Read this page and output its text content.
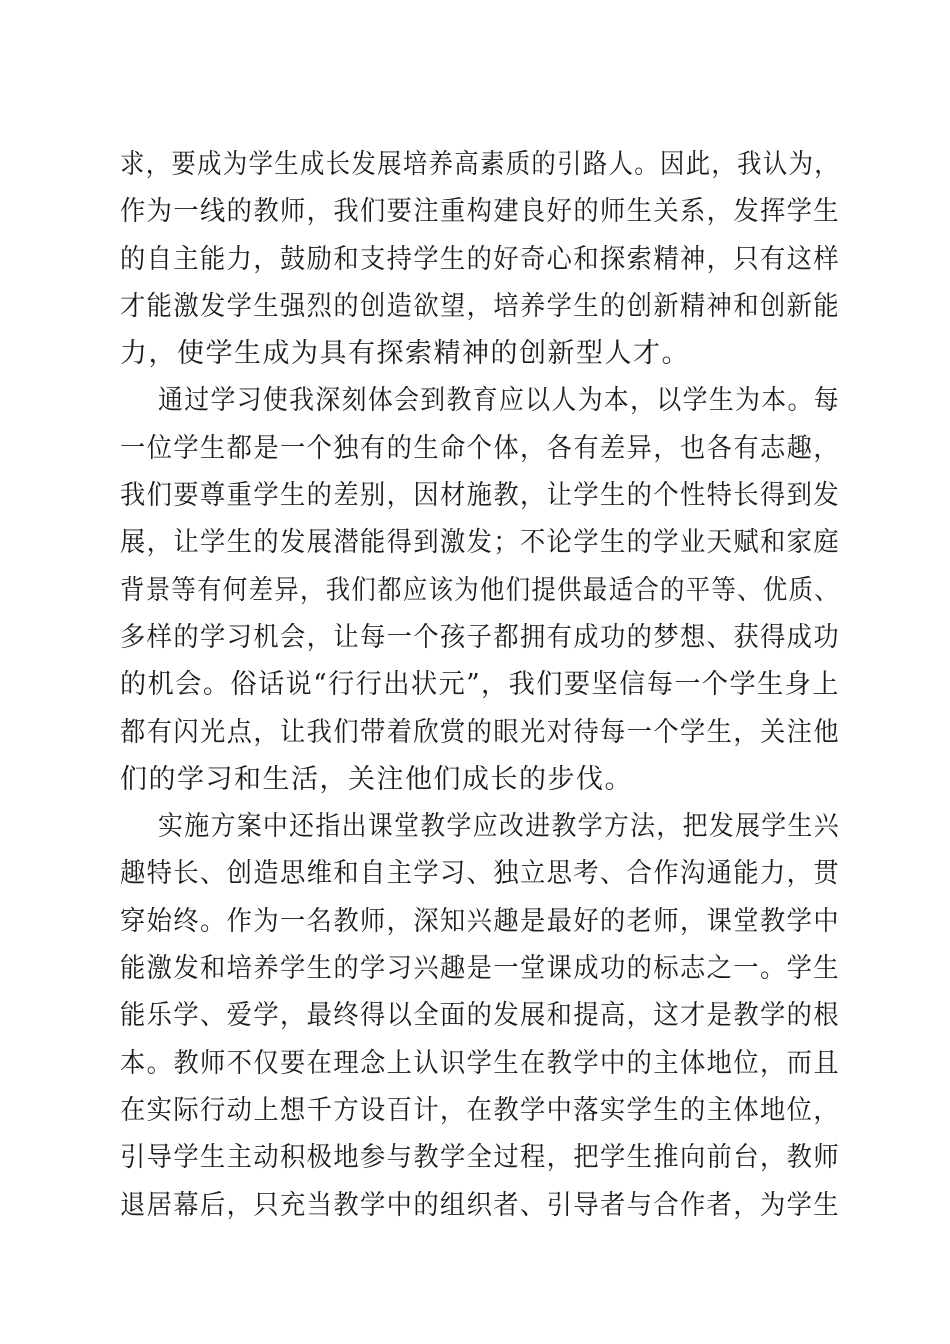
求，要成为学生成长发展培养高素质的引路人。因此，我认为，
作为一线的教师，我们要注重构建良好的师生关系，发挥学生
的自主能力，鼓励和支持学生的好奇心和探索精神，只有这样
才能激发学生强烈的创造欲望，培养学生的创新精神和创新能
力，使学生成为具有探索精神的创新型人才。
通过学习使我深刻体会到教育应以人为本，以学生为本。每
一位学生都是一个独有的生命个体，各有差异，也各有志趣，
我们要尊重学生的差别，因材施教，让学生的个性特长得到发
展，让学生的发展潜能得到激发；不论学生的学业天赋和家庭
背景等有何差异，我们都应该为他们提供最适合的平等、优质、
多样的学习机会，让每一个孩子都拥有成功的梦想、获得成功
的机会。俗话说“行行出状元”，我们要坚信每一个学生身上
都有闪光点，让我们带着欣赏的眼光对待每一个学生，关注他
们的学习和生活，关注他们成长的步伐。
实施方案中还指出课堂教学应改进教学方法，把发展学生兴
趣特长、创造思维和自主学习、独立思考、合作沟通能力，贯
穿始终。作为一名教师，深知兴趣是最好的老师，课堂教学中
能激发和培养学生的学习兴趣是一堂课成功的标志之一。学生
能乐学、爱学，最终得以全面的发展和提高，这才是教学的根
本。教师不仅要在理念上认识学生在教学中的主体地位，而且
在实际行动上想千方设百计，在教学中落实学生的主体地位，
引导学生主动积极地参与教学全过程，把学生推向前台，教师
退居幕后，只充当教学中的组织者、引导者与合作者，为学生
